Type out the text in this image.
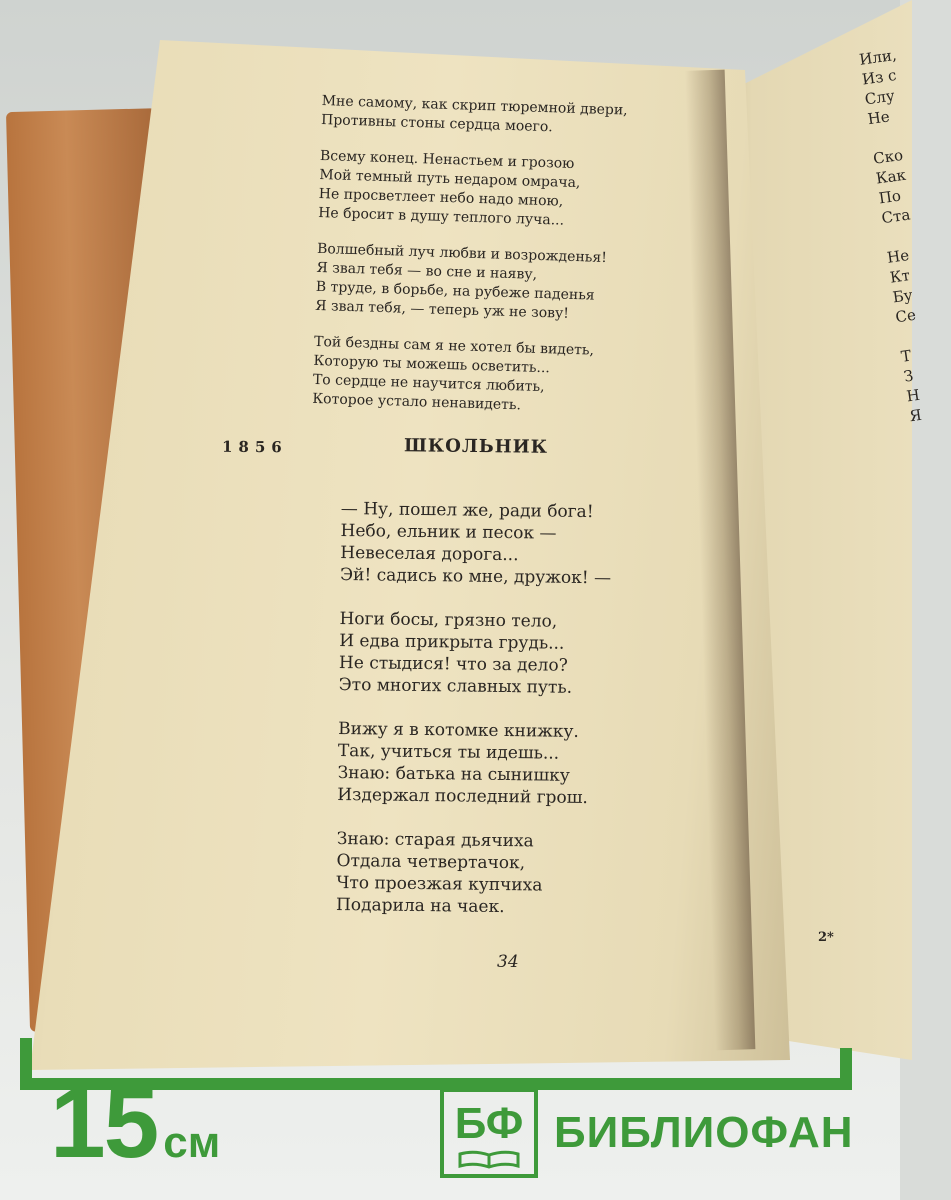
Мне самому, как скрип тюремной двери,
Противны стоны сердца моего.
Всему конец. Ненастьем и грозою
Мой темный путь недаром омрача,
Не просветлеет небо надо мною,
Не бросит в душу теплого луча...
Волшебный луч любви и возрожденья!
Я звал тебя — во сне и наяву,
В труде, в борьбе, на рубеже паденья
Я звал тебя, — теперь уж не зову!
Той бездны сам я не хотел бы видеть,
Которую ты можешь осветить...
То сердце не научится любить,
Которое устало ненавидеть.
1856	ШКОЛЬНИК
— Ну, пошел же, ради бога!
Небо, ельник и песок —
Невеселая дорога...
Эй! садись ко мне, дружок! —
Ноги босы, грязно тело,
И едва прикрыта грудь...
Не стыдися! что за дело?
Это многих славных путь.
Вижу я в котомке книжку.
Так, учиться ты идешь...
Знаю: батька на сынишку
Издержал последний грош.
Знаю: старая дьячиха
Отдала четвертачок,
Что проезжая купчиха
Подарила на чаек.
34
Или,
Из с
Слу
Не
Ско
Как
По
Ста
Не
Кт
Бу
Се
Т
З
Н
Я
2*
15 см	БФ БИБЛИОФАН
